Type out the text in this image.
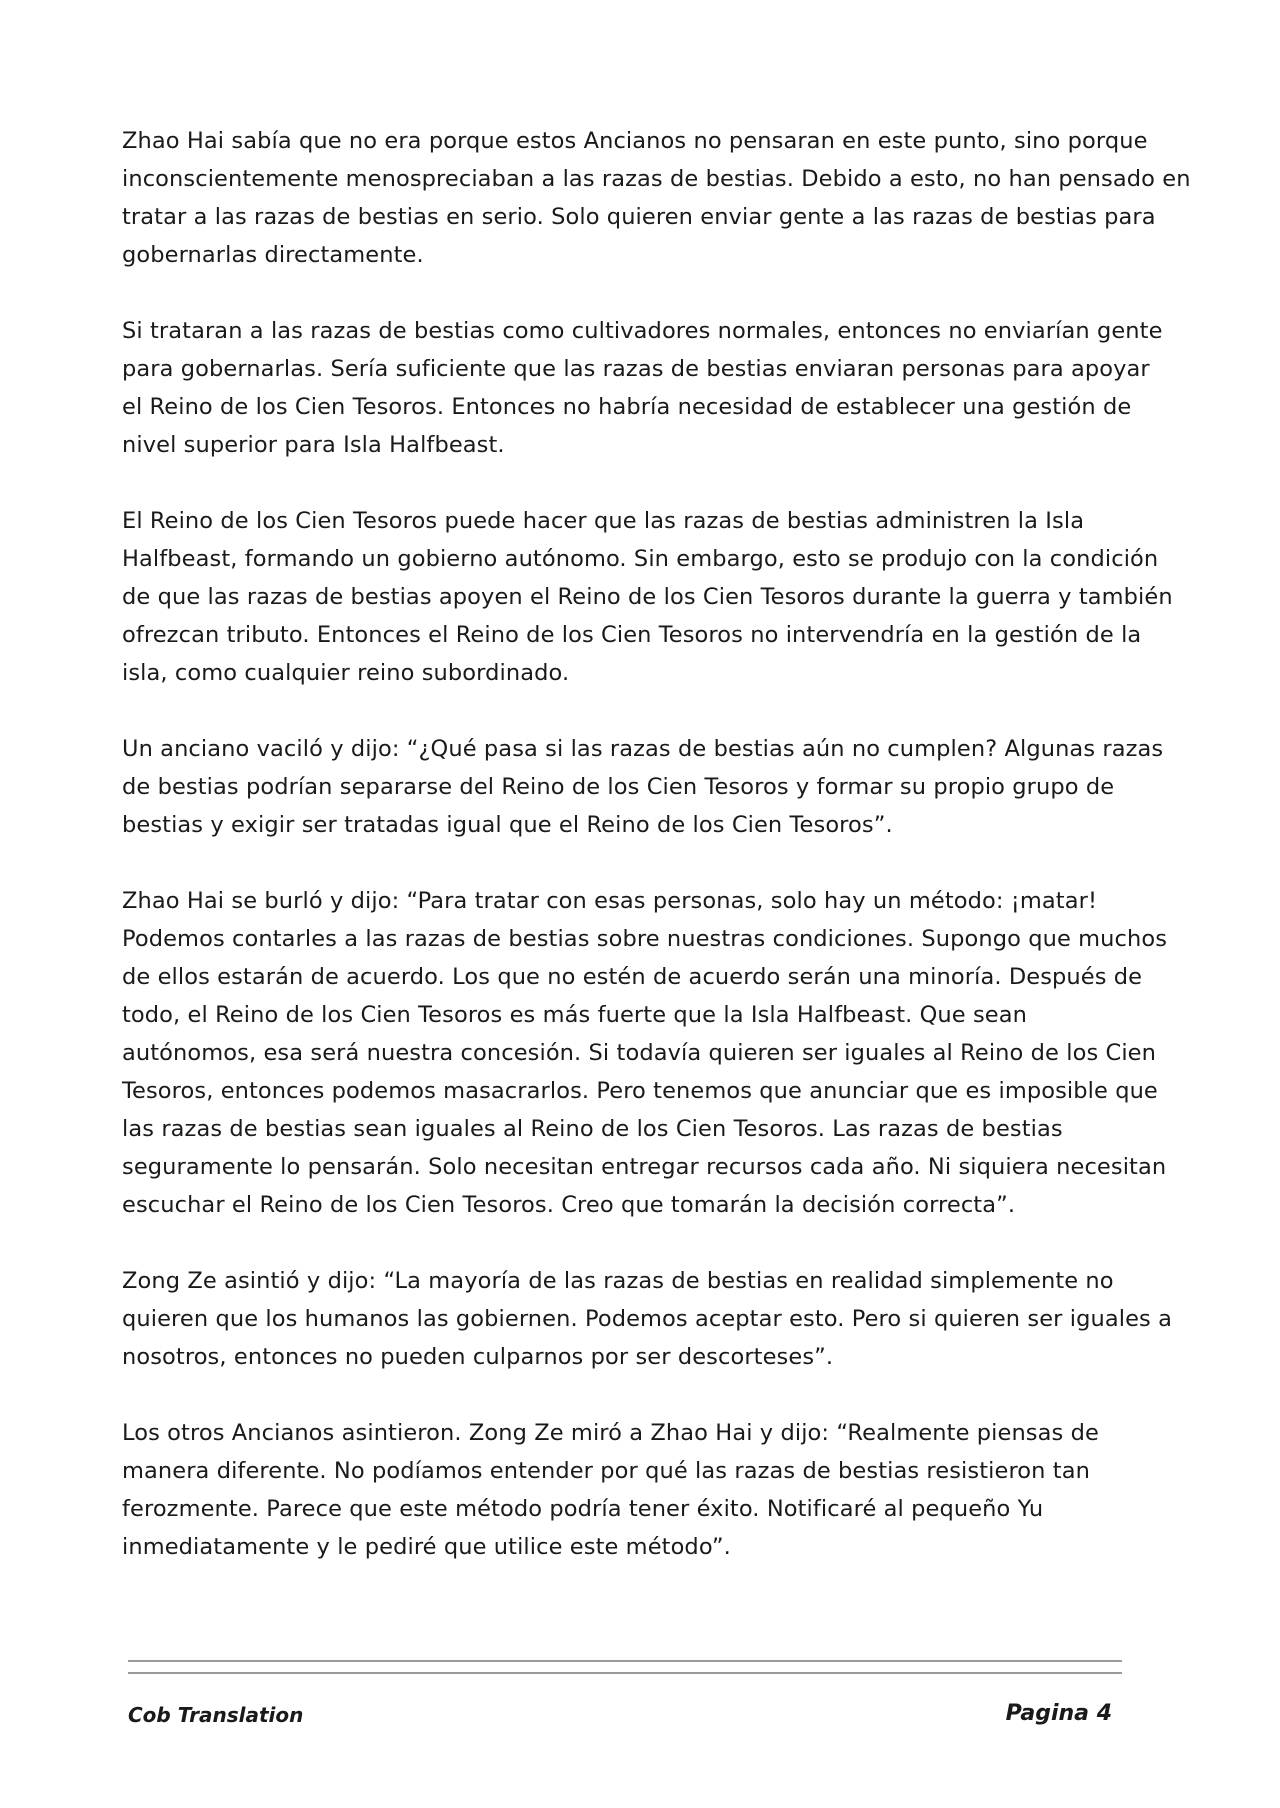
Zhao Hai sabía que no era porque estos Ancianos no pensaran en este punto, sino porque
inconscientemente menospreciaban a las razas de bestias. Debido a esto, no han pensado en
tratar a las razas de bestias en serio. Solo quieren enviar gente a las razas de bestias para
gobernarlas directamente.

Si trataran a las razas de bestias como cultivadores normales, entonces no enviarían gente
para gobernarlas. Sería suficiente que las razas de bestias enviaran personas para apoyar
el Reino de los Cien Tesoros. Entonces no habría necesidad de establecer una gestión de
nivel superior para Isla Halfbeast.

El Reino de los Cien Tesoros puede hacer que las razas de bestias administren la Isla
Halfbeast, formando un gobierno autónomo. Sin embargo, esto se produjo con la condición
de que las razas de bestias apoyen el Reino de los Cien Tesoros durante la guerra y también
ofrezcan tributo. Entonces el Reino de los Cien Tesoros no intervendría en la gestión de la
isla, como cualquier reino subordinado.

Un anciano vaciló y dijo: “¿Qué pasa si las razas de bestias aún no cumplen? Algunas razas
de bestias podrían separarse del Reino de los Cien Tesoros y formar su propio grupo de
bestias y exigir ser tratadas igual que el Reino de los Cien Tesoros”.

Zhao Hai se burló y dijo: “Para tratar con esas personas, solo hay un método: ¡matar!
Podemos contarles a las razas de bestias sobre nuestras condiciones. Supongo que muchos
de ellos estarán de acuerdo. Los que no estén de acuerdo serán una minoría. Después de
todo, el Reino de los Cien Tesoros es más fuerte que la Isla Halfbeast. Que sean
autónomos, esa será nuestra concesión. Si todavía quieren ser iguales al Reino de los Cien
Tesoros, entonces podemos masacrarlos. Pero tenemos que anunciar que es imposible que
las razas de bestias sean iguales al Reino de los Cien Tesoros. Las razas de bestias
seguramente lo pensarán. Solo necesitan entregar recursos cada año. Ni siquiera necesitan
escuchar el Reino de los Cien Tesoros. Creo que tomarán la decisión correcta”.

Zong Ze asintió y dijo: “La mayoría de las razas de bestias en realidad simplemente no
quieren que los humanos las gobiernen. Podemos aceptar esto. Pero si quieren ser iguales a
nosotros, entonces no pueden culparnos por ser descorteses”.

Los otros Ancianos asintieron. Zong Ze miró a Zhao Hai y dijo: “Realmente piensas de
manera diferente. No podíamos entender por qué las razas de bestias resistieron tan
ferozmente. Parece que este método podría tener éxito. Notificaré al pequeño Yu
inmediatamente y le pediré que utilice este método”.

Cob Translation	Pagina 4
